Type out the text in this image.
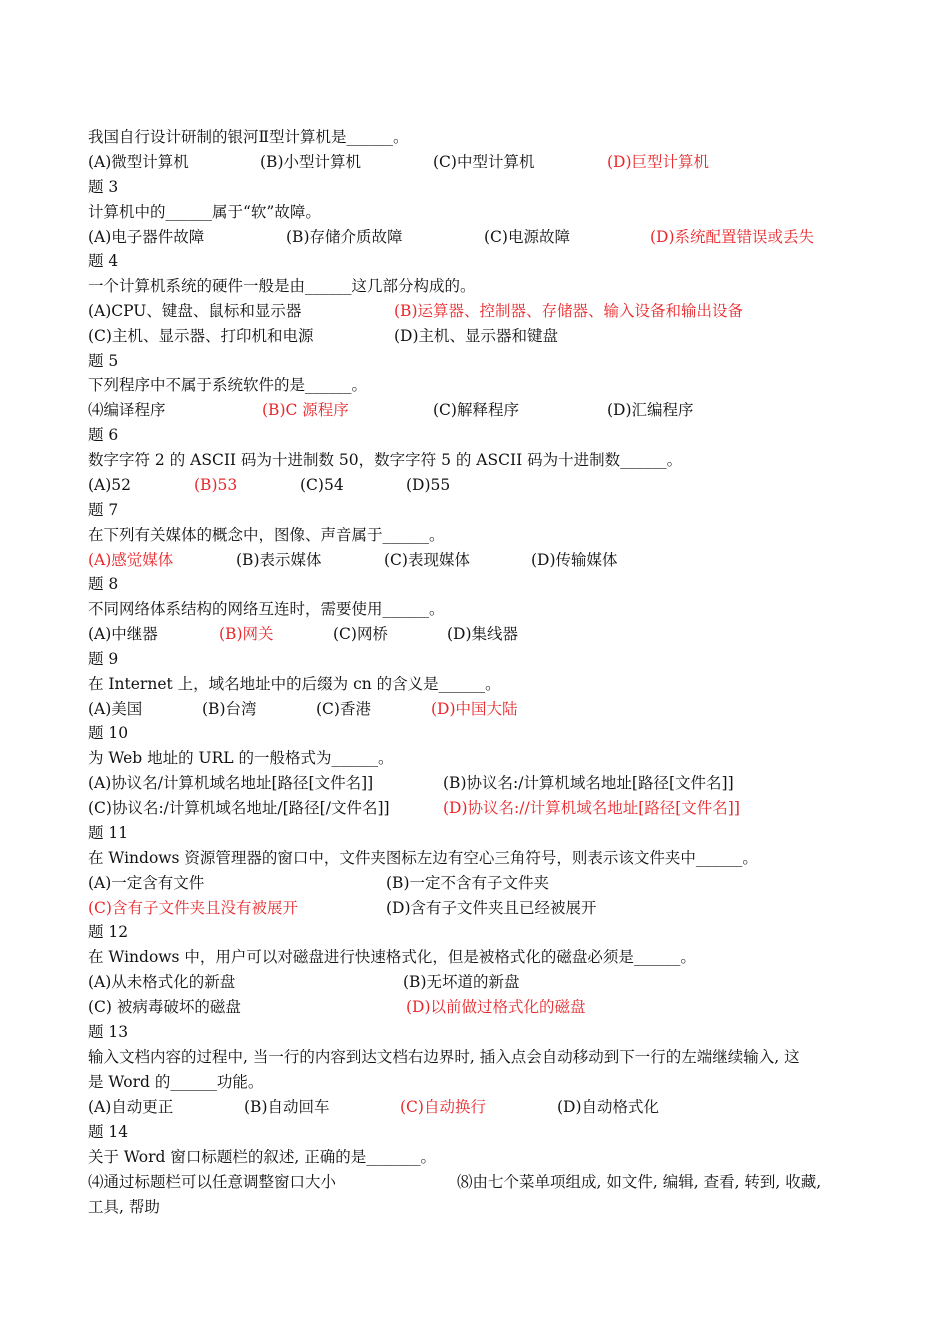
我国自行设计研制的银河Ⅱ型计算机是______。
(A)微型计算机	(B)小型计算机	(C)中型计算机	(D)巨型计算机
题 3
计算机中的______属于“软”故障。
(A)电子器件故障	(B)存储介质故障	(C)电源故障	(D)系统配置错误或丢失
题 4
一个计算机系统的硬件一般是由______这几部分构成的。
(A)CPU、键盘、鼠标和显示器	(B)运算器、控制器、存储器、输入设备和输出设备
(C)主机、显示器、打印机和电源	(D)主机、显示器和键盘
题 5
下列程序中不属于系统软件的是______。
⑷编译程序	(B)C 源程序	(C)解释程序	(D)汇编程序
题 6
数字字符 2 的 ASCII 码为十进制数 50，数字字符 5 的 ASCII 码为十进制数______。
(A)52	(B)53	(C)54	(D)55
题 7
在下列有关媒体的概念中，图像、声音属于______。
(A)感觉媒体	(B)表示媒体	(C)表现媒体	(D)传输媒体
题 8
不同网络体系结构的网络互连时，需要使用______。
(A)中继器	(B)网关	(C)网桥	(D)集线器
题 9
在 Internet 上，域名地址中的后缀为 cn 的含义是______。
(A)美国	(B)台湾	(C)香港	(D)中国大陆
题 10
为 Web 地址的 URL 的一般格式为______。
(A)协议名/计算机域名地址[路径[文件名]]	(B)协议名:/计算机域名地址[路径[文件名]]
(C)协议名:/计算机域名地址/[路径[/文件名]]	(D)协议名://计算机域名地址[路径[文件名]]
题 11
在 Windows 资源管理器的窗口中，文件夹图标左边有空心三角符号，则表示该文件夹中______。
(A)一定含有文件	(B)一定不含有子文件夹
(C)含有子文件夹且没有被展开	(D)含有子文件夹且已经被展开
题 12
在 Windows 中，用户可以对磁盘进行快速格式化，但是被格式化的磁盘必须是______。
(A)从未格式化的新盘	(B)无坏道的新盘
(C) 被病毒破坏的磁盘	(D)以前做过格式化的磁盘
题 13
输入文档内容的过程中, 当一行的内容到达文档右边界时, 插入点会自动移动到下一行的左端继续输入, 这
是 Word 的______功能。
(A)自动更正	(B)自动回车	(C)自动换行	(D)自动格式化
题 14
关于 Word 窗口标题栏的叙述, 正确的是_______。
⑷通过标题栏可以任意调整窗口大小	⑻由七个菜单项组成, 如文件, 编辑, 查看, 转到, 收藏,
工具, 帮助
